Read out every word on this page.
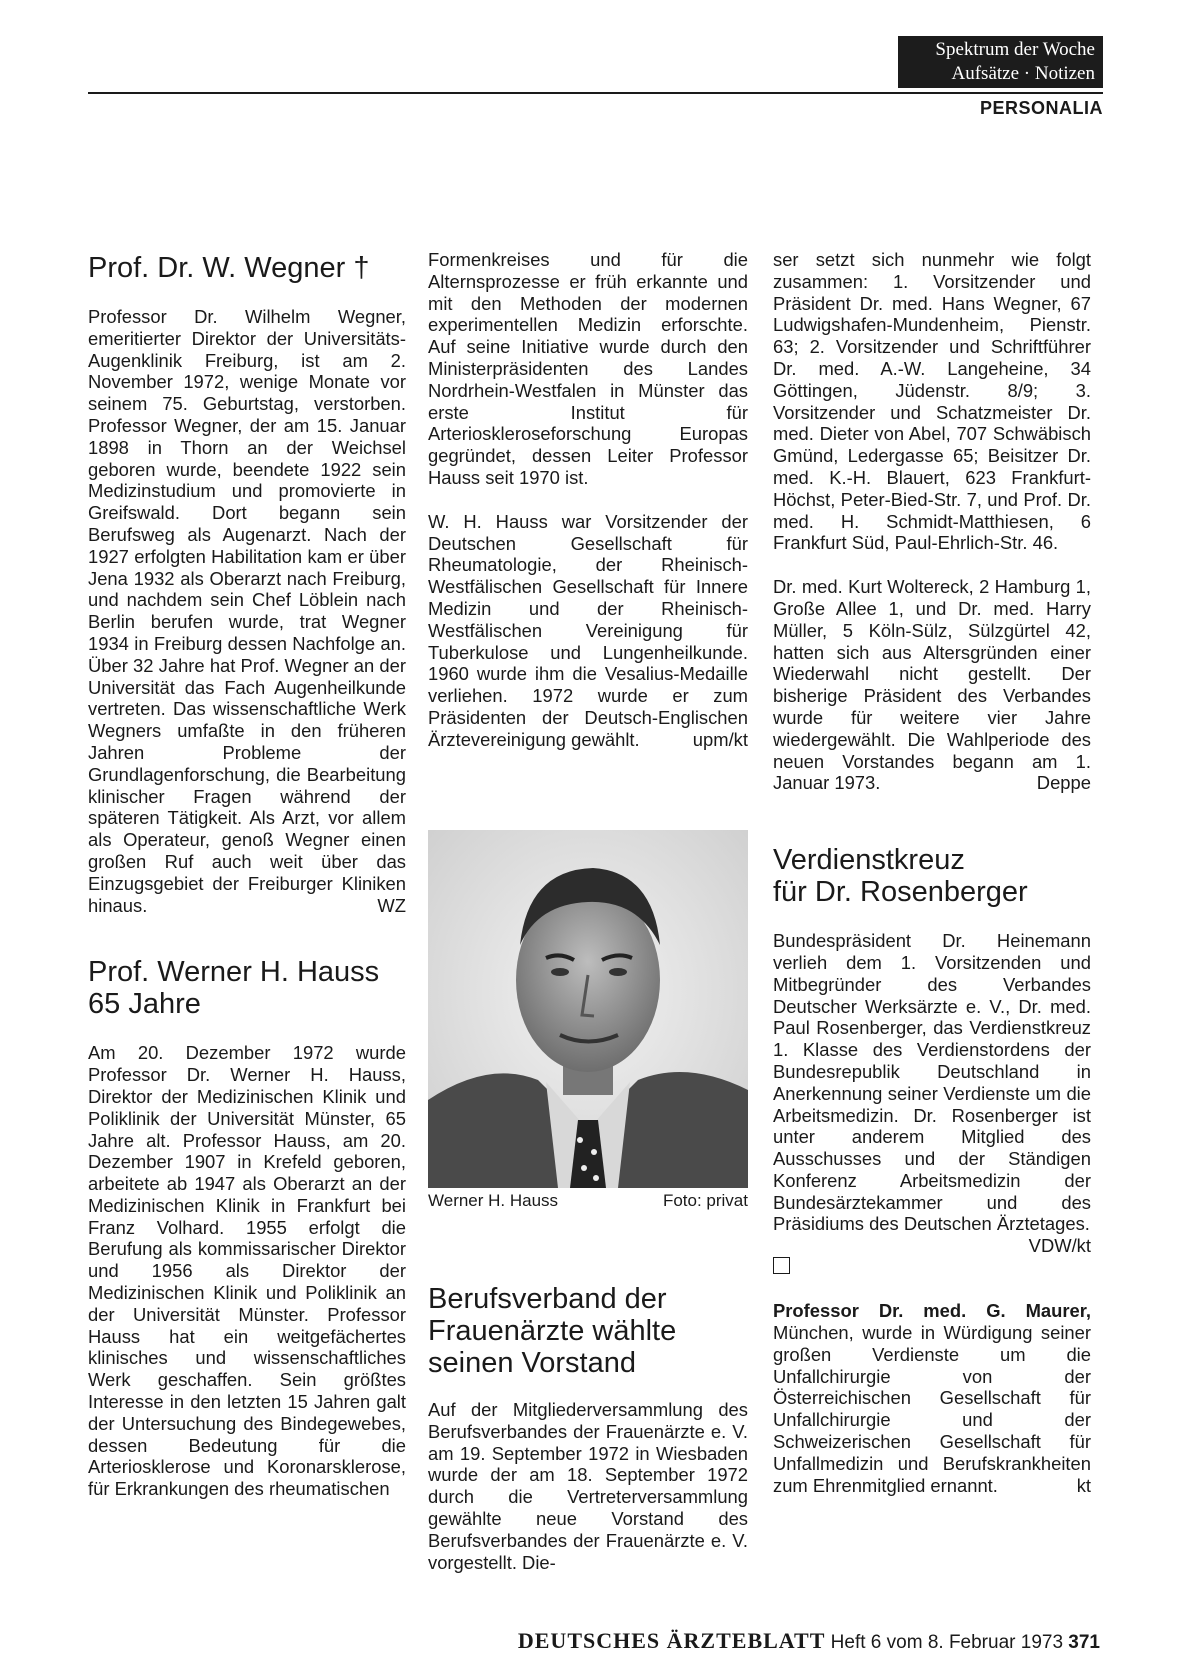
Spektrum der Woche
Aufsätze · Notizen
PERSONALIA
Prof. Dr. W. Wegner †

Professor Dr. Wilhelm Wegner, emeritierter Direktor der Universitäts-Augenklinik Freiburg, ist am 2. November 1972, wenige Monate vor seinem 75. Geburtstag, verstorben. Professor Wegner, der am 15. Januar 1898 in Thorn an der Weichsel geboren wurde, beendete 1922 sein Medizinstudium und promovierte in Greifswald. Dort begann sein Berufsweg als Augenarzt. Nach der 1927 erfolgten Habilitation kam er über Jena 1932 als Oberarzt nach Freiburg, und nachdem sein Chef Löblein nach Berlin berufen wurde, trat Wegner 1934 in Freiburg dessen Nachfolge an. Über 32 Jahre hat Prof. Wegner an der Universität das Fach Augenheilkunde vertreten. Das wissenschaftliche Werk Wegners umfaßte in den früheren Jahren Probleme der Grundlagenforschung, die Bearbeitung klinischer Fragen während der späteren Tätigkeit. Als Arzt, vor allem als Operateur, genoß Wegner einen großen Ruf auch weit über das Einzugsgebiet der Freiburger Kliniken hinaus.	WZ

Prof. Werner H. Hauss
65 Jahre

Am 20. Dezember 1972 wurde Professor Dr. Werner H. Hauss, Direktor der Medizinischen Klinik und Poliklinik der Universität Münster, 65 Jahre alt. Professor Hauss, am 20. Dezember 1907 in Krefeld geboren, arbeitete ab 1947 als Oberarzt an der Medizinischen Klinik in Frankfurt bei Franz Volhard. 1955 erfolgt die Berufung als kommissarischer Direktor und 1956 als Direktor der Medizinischen Klinik und Poliklinik an der Universität Münster. Professor Hauss hat ein weitgefächertes klinisches und wissenschaftliches Werk geschaffen. Sein größtes Interesse in den letzten 15 Jahren galt der Untersuchung des Bindegewebes, dessen Bedeutung für die Arteriosklerose und Koronarsklerose, für Erkrankungen des rheumatischen

Formenkreises und für die Alternsprozesse er früh erkannte und mit den Methoden der modernen experimentellen Medizin erforschte. Auf seine Initiative wurde durch den Ministerpräsidenten des Landes Nordrhein-Westfalen in Münster das erste Institut für Arterioskleroseforschung Europas gegründet, dessen Leiter Professor Hauss seit 1970 ist.

W. H. Hauss war Vorsitzender der Deutschen Gesellschaft für Rheumatologie, der Rheinisch-Westfälischen Gesellschaft für Innere Medizin und der Rheinisch-Westfälischen Vereinigung für Tuberkulose und Lungenheilkunde. 1960 wurde ihm die Vesalius-Medaille verliehen. 1972 wurde er zum Präsidenten der Deutsch-Englischen Ärztevereinigung gewählt.	upm/kt

Werner H. Hauss	Foto: privat
Berufsverband der
Frauenärzte wählte
seinen Vorstand

Auf der Mitgliederversammlung des Berufsverbandes der Frauenärzte e. V. am 19. September 1972 in Wiesbaden wurde der am 18. September 1972 durch die Vertreterversammlung gewählte neue Vorstand des Berufsverbandes der Frauenärzte e. V. vorgestellt. Die-

ser setzt sich nunmehr wie folgt zusammen: 1. Vorsitzender und Präsident Dr. med. Hans Wegner, 67 Ludwigshafen-Mundenheim, Pienstr. 63; 2. Vorsitzender und Schriftführer Dr. med. A.-W. Langeheine, 34 Göttingen, Jüdenstr. 8/9; 3. Vorsitzender und Schatzmeister Dr. med. Dieter von Abel, 707 Schwäbisch Gmünd, Ledergasse 65; Beisitzer Dr. med. K.-H. Blauert, 623 Frankfurt-Höchst, Peter-Bied-Str. 7, und Prof. Dr. med. H. Schmidt-Matthiesen, 6 Frankfurt Süd, Paul-Ehrlich-Str. 46.

Dr. med. Kurt Woltereck, 2 Hamburg 1, Große Allee 1, und Dr. med. Harry Müller, 5 Köln-Sülz, Sülzgürtel 42, hatten sich aus Altersgründen einer Wiederwahl nicht gestellt. Der bisherige Präsident des Verbandes wurde für weitere vier Jahre wiedergewählt. Die Wahlperiode des neuen Vorstandes begann am 1. Januar 1973.	Deppe

Verdienstkreuz
für Dr. Rosenberger

Bundespräsident Dr. Heinemann verlieh dem 1. Vorsitzenden und Mitbegründer des Verbandes Deutscher Werksärzte e. V., Dr. med. Paul Rosenberger, das Verdienstkreuz 1. Klasse des Verdienstordens der Bundesrepublik Deutschland in Anerkennung seiner Verdienste um die Arbeitsmedizin. Dr. Rosenberger ist unter anderem Mitglied des Ausschusses und der Ständigen Konferenz Arbeitsmedizin der Bundesärztekammer und des Präsidiums des Deutschen Ärztetages.
VDW/kt

Professor Dr. med. G. Maurer, München, wurde in Würdigung seiner großen Verdienste um die Unfallchirurgie von der Österreichischen Gesellschaft für Unfallchirurgie und der Schweizerischen Gesellschaft für Unfallmedizin und Berufskrankheiten zum Ehrenmitglied ernannt.	kt

DEUTSCHES ÄRZTEBLATT Heft 6 vom 8. Februar 1973 371
